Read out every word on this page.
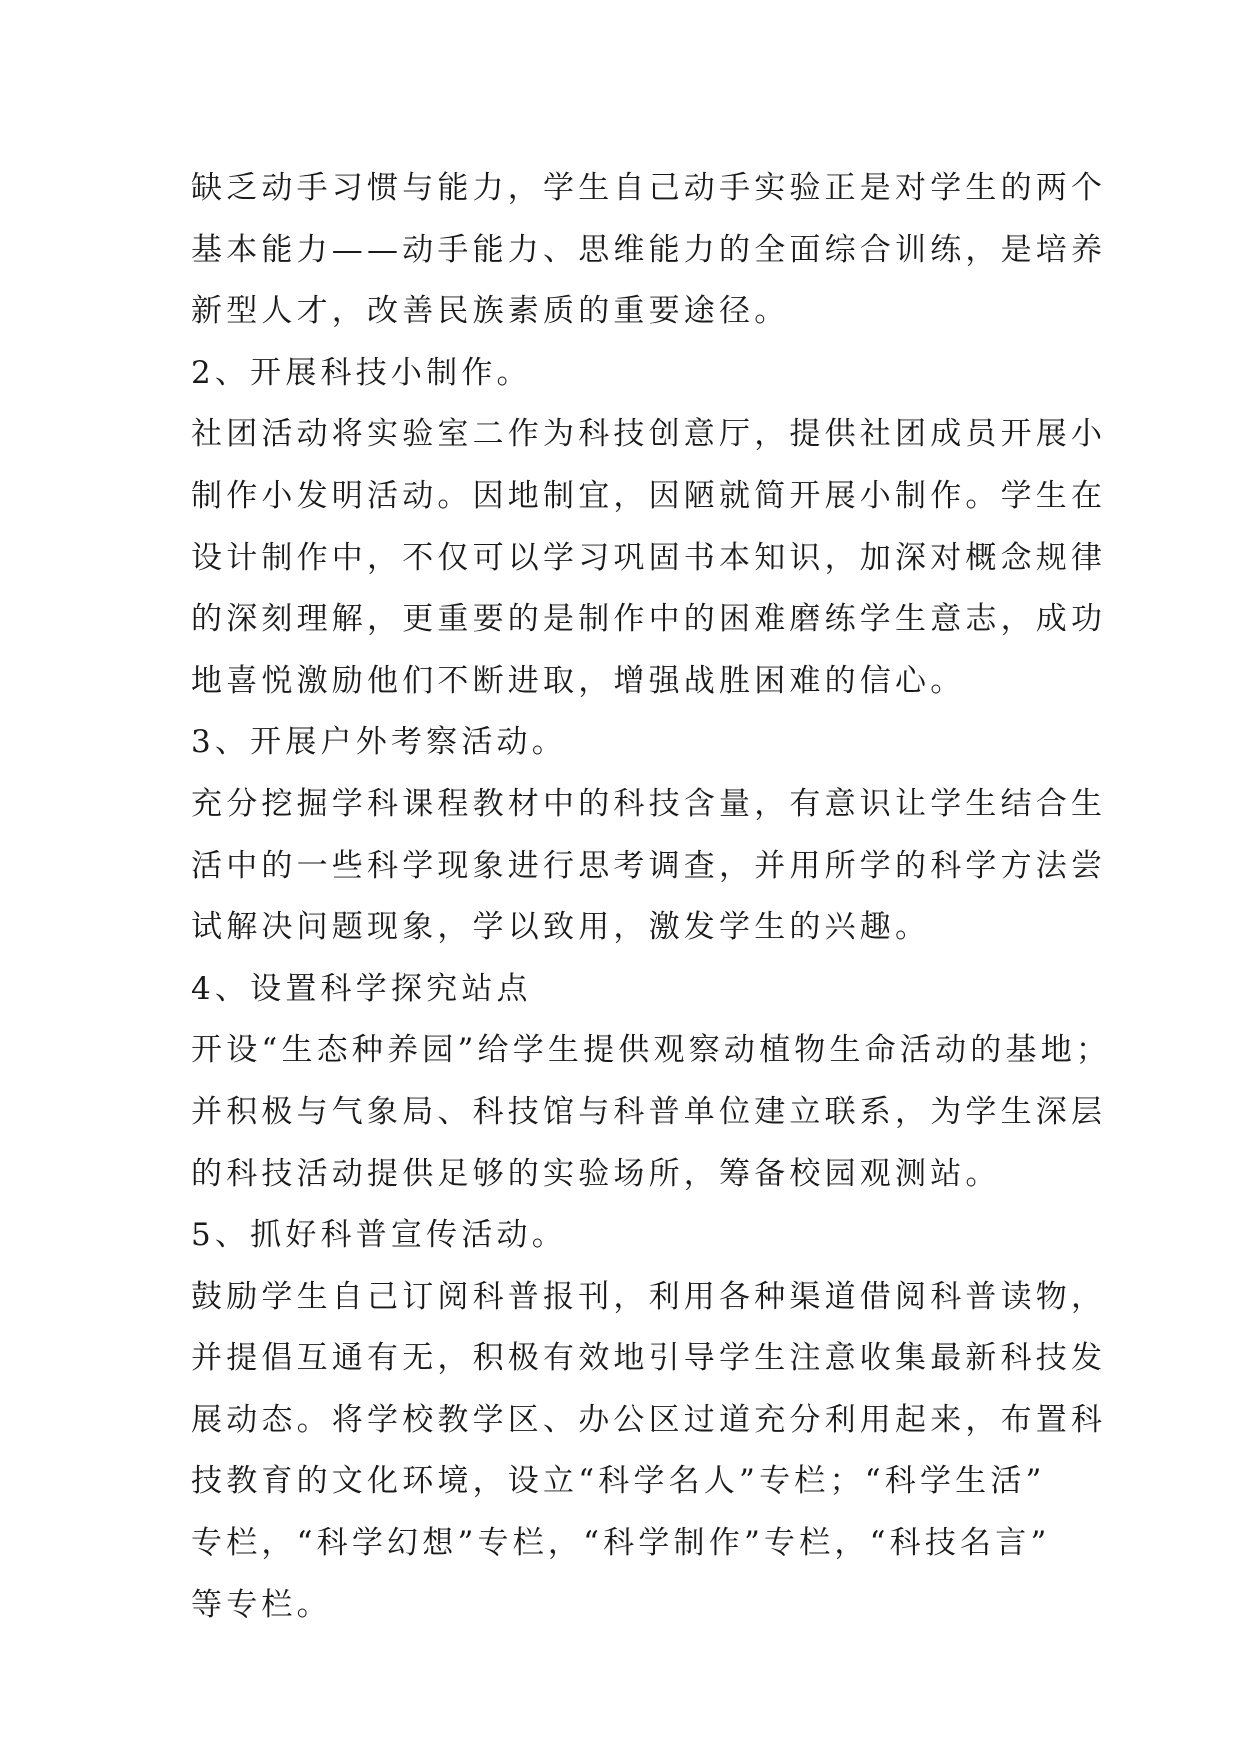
缺乏动手习惯与能力，学生自己动手实验正是对学生的两个
基本能力——动手能力、思维能力的全面综合训练，是培养
新型人才，改善民族素质的重要途径。
2、开展科技小制作。
社团活动将实验室二作为科技创意厅，提供社团成员开展小
制作小发明活动。因地制宜，因陋就简开展小制作。学生在
设计制作中，不仅可以学习巩固书本知识，加深对概念规律
的深刻理解，更重要的是制作中的困难磨练学生意志，成功
地喜悦激励他们不断进取，增强战胜困难的信心。
3、开展户外考察活动。
充分挖掘学科课程教材中的科技含量，有意识让学生结合生
活中的一些科学现象进行思考调查，并用所学的科学方法尝
试解决问题现象，学以致用，激发学生的兴趣。
4、设置科学探究站点
开设“生态种养园”给学生提供观察动植物生命活动的基地；
并积极与气象局、科技馆与科普单位建立联系，为学生深层
的科技活动提供足够的实验场所，筹备校园观测站。
5、抓好科普宣传活动。
鼓励学生自己订阅科普报刊，利用各种渠道借阅科普读物，
并提倡互通有无，积极有效地引导学生注意收集最新科技发
展动态。将学校教学区、办公区过道充分利用起来，布置科
技教育的文化环境，设立“科学名人”专栏；“科学生活”
专栏，“科学幻想”专栏，“科学制作”专栏，“科技名言”
等专栏。
